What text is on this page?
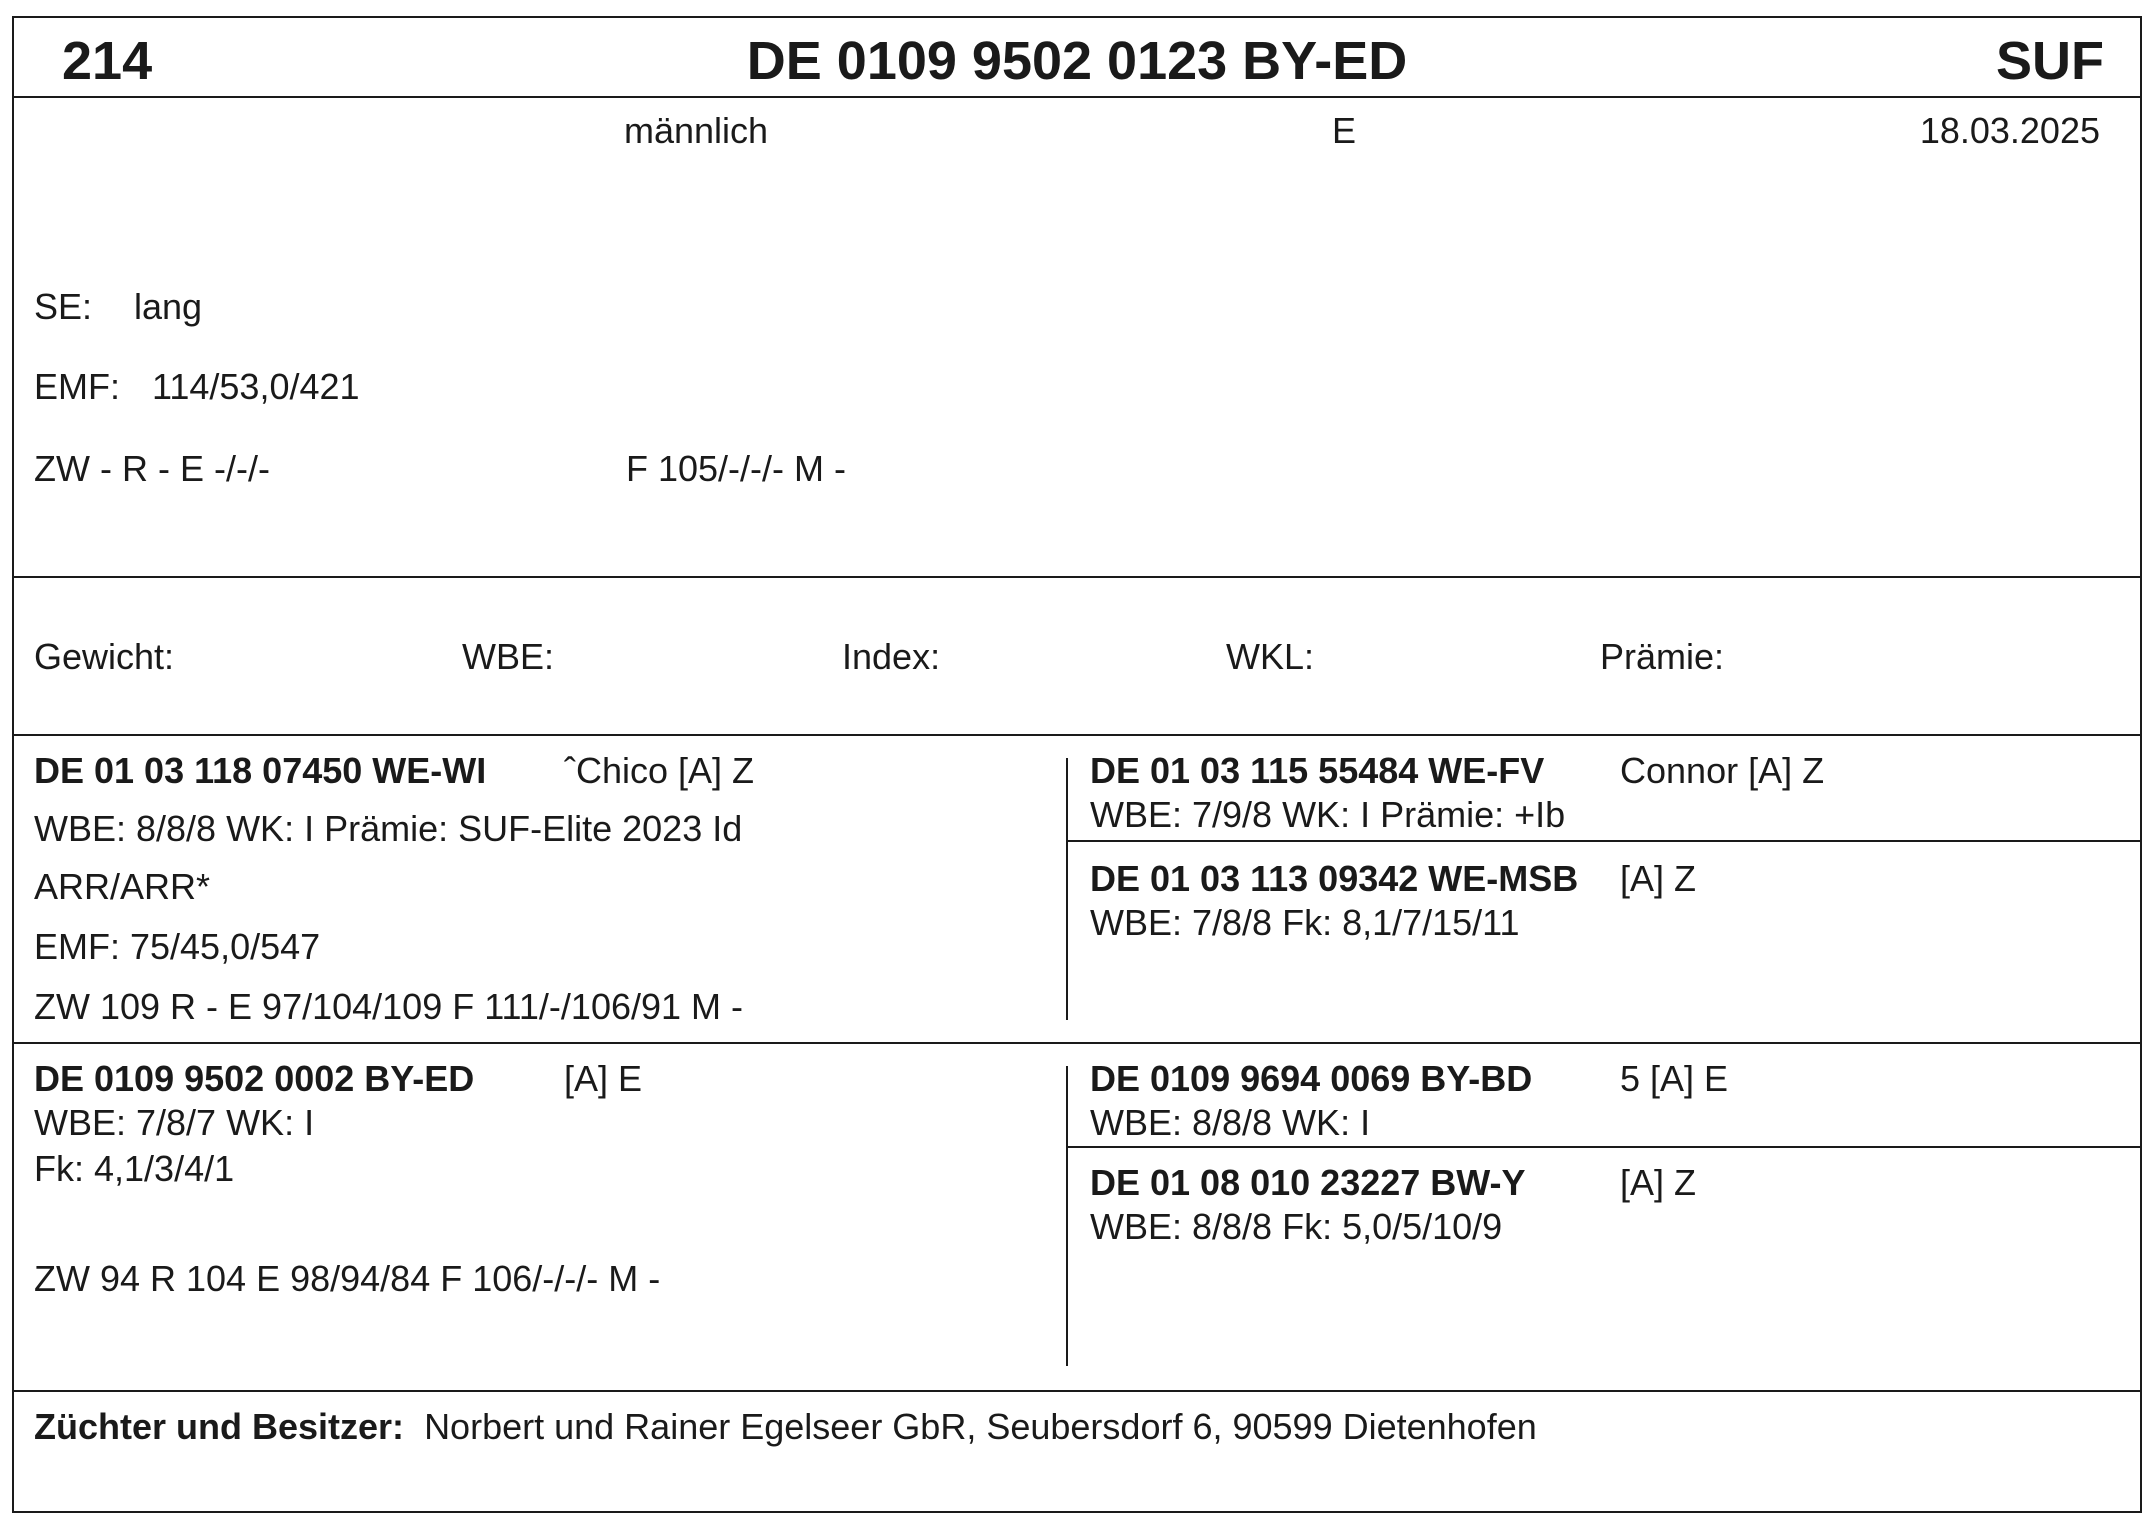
214	DE 0109 9502 0123 BY-ED	SUF
männlich	E	18.03.2025
SE: lang
EMF: 114/53,0/421
ZW - R - E -/-/-	F 105/-/-/- M -
Gewicht:	WBE:	Index:	WKL:	Prämie:
DE 01 03 118 07450 WE-WI ˆChico [A] Z
WBE: 8/8/8 WK: I Prämie: SUF-Elite 2023 Id
ARR/ARR*
EMF: 75/45,0/547
ZW 109 R - E 97/104/109 F 111/-/106/91 M -
DE 01 03 115 55484 WE-FV Connor [A] Z
WBE: 7/9/8 WK: I Prämie: +Ib
DE 01 03 113 09342 WE-MSB [A] Z
WBE: 7/8/8 Fk: 8,1/7/15/11
DE 0109 9502 0002 BY-ED [A] E
WBE: 7/8/7 WK: I
Fk: 4,1/3/4/1
ZW 94 R 104 E 98/94/84 F 106/-/-/- M -
DE 0109 9694 0069 BY-BD 5 [A] E
WBE: 8/8/8 WK: I
DE 01 08 010 23227 BW-Y	[A] Z
WBE: 8/8/8 Fk: 5,0/5/10/9
Züchter und Besitzer: Norbert und Rainer Egelseer GbR, Seubersdorf 6, 90599 Dietenhofen
